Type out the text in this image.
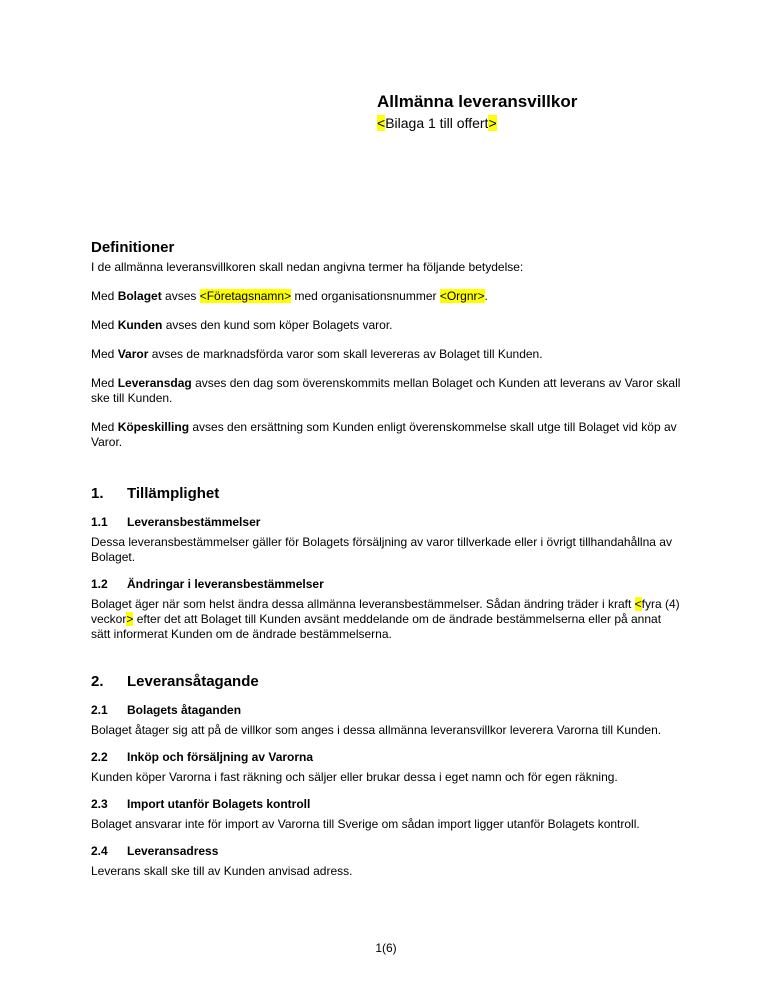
Allmänna leveransvillkor
<Bilaga 1 till offert>
Definitioner

I de allmänna leveransvillkoren skall nedan angivna termer ha följande betydelse:

Med Bolaget avses <Företagsnamn> med organisationsnummer <Orgnr>.

Med Kunden avses den kund som köper Bolagets varor.

Med Varor avses de marknadsförda varor som skall levereras av Bolaget till Kunden.

Med Leveransdag avses den dag som överenskommits mellan Bolaget och Kunden att leverans av Varor skall ske till Kunden.

Med Köpeskilling avses den ersättning som Kunden enligt överenskommelse skall utge till Bolaget vid köp av Varor.

1.	Tillämplighet
1.1	Leveransbestämmelser

Dessa leveransbestämmelser gäller för Bolagets försäljning av varor tillverkade eller i övrigt tillhandahållna av Bolaget.

1.2	Ändringar i leveransbestämmelser

Bolaget äger när som helst ändra dessa allmänna leveransbestämmelser. Sådan ändring träder i kraft <fyra (4) veckor> efter det att Bolaget till Kunden avsänt meddelande om de ändrade bestämmelserna eller på annat sätt informerat Kunden om de ändrade bestämmelserna.

2.	Leveransåtagande
2.1	Bolagets åtaganden

Bolaget åtager sig att på de villkor som anges i dessa allmänna leveransvillkor leverera Varorna till Kunden.

2.2	Inköp och försäljning av Varorna

Kunden köper Varorna i fast räkning och säljer eller brukar dessa i eget namn och för egen räkning.

2.3	Import utanför Bolagets kontroll

Bolaget ansvarar inte för import av Varorna till Sverige om sådan import ligger utanför Bolagets kontroll.

2.4	Leveransadress

Leverans skall ske till av Kunden anvisad adress.

1(6)
